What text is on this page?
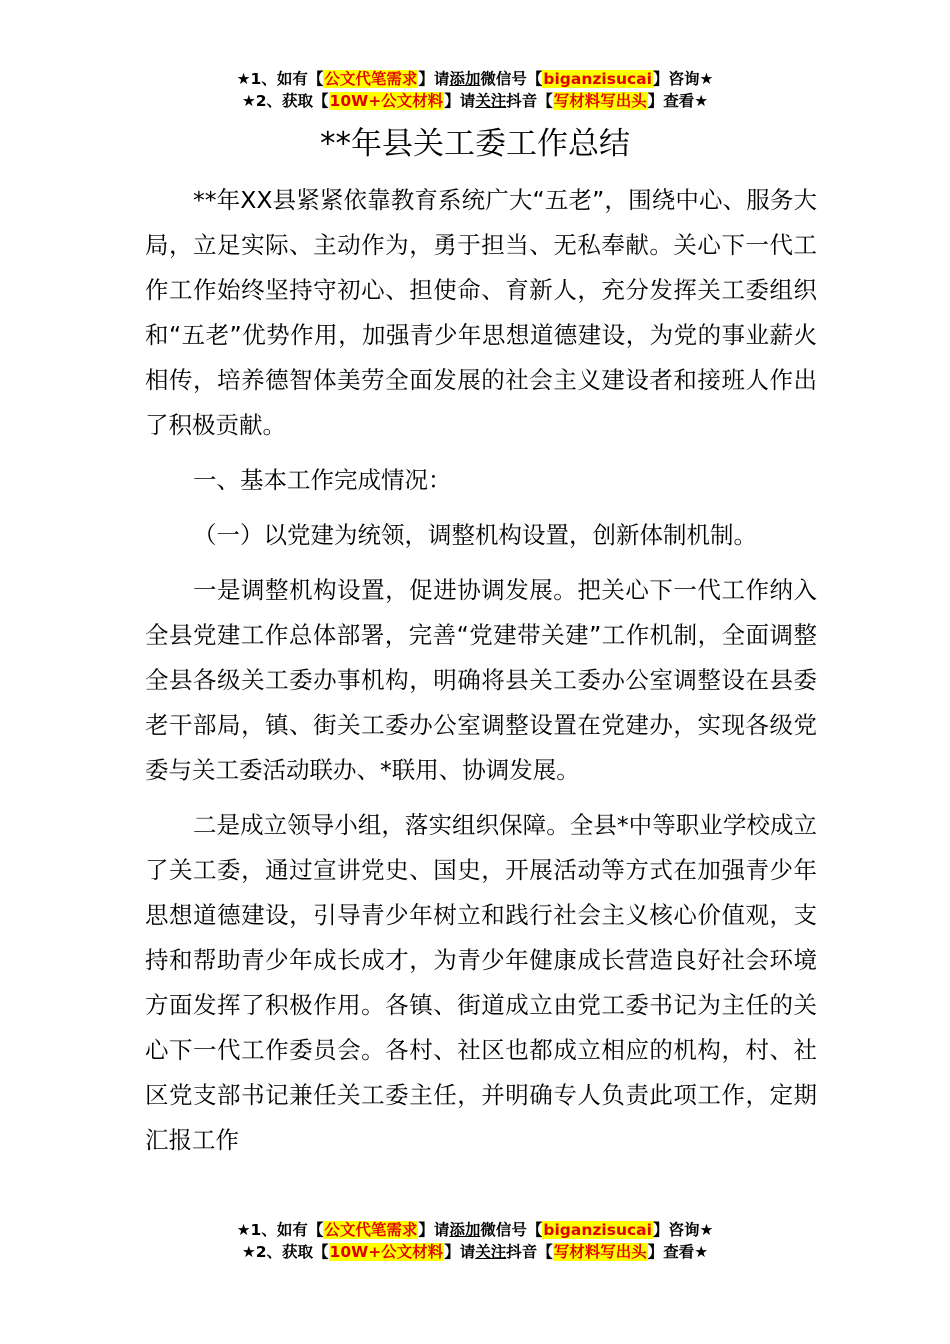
★1、如有【公文代笔需求】请添加微信号【biganzisucai】咨询★
★2、获取【10W+公文材料】请关注抖音【写材料写出头】查看★
**年县关工委工作总结

**年XX县紧紧依靠教育系统广大“五老”，围绕中心、服务大局，立足实际、主动作为，勇于担当、无私奉献。关心下一代工作工作始终坚持守初心、担使命、育新人，充分发挥关工委组织和“五老”优势作用，加强青少年思想道德建设，为党的事业薪火相传，培养德智体美劳全面发展的社会主义建设者和接班人作出了积极贡献。

一、基本工作完成情况：

（一）以党建为统领，调整机构设置，创新体制机制。

一是调整机构设置，促进协调发展。把关心下一代工作纳入全县党建工作总体部署，完善“党建带关建”工作机制，全面调整全县各级关工委办事机构，明确将县关工委办公室调整设在县委老干部局，镇、街关工委办公室调整设置在党建办，实现各级党委与关工委活动联办、*联用、协调发展。

二是成立领导小组，落实组织保障。全县*中等职业学校成立了关工委，通过宣讲党史、国史，开展活动等方式在加强青少年思想道德建设，引导青少年树立和践行社会主义核心价值观，支持和帮助青少年成长成才，为青少年健康成长营造良好社会环境方面发挥了积极作用。各镇、街道成立由党工委书记为主任的关心下一代工作委员会。各村、社区也都成立相应的机构，村、社区党支部书记兼任关工委主任，并明确专人负责此项工作，定期汇报工作

★1、如有【公文代笔需求】请添加微信号【biganzisucai】咨询★
★2、获取【10W+公文材料】请关注抖音【写材料写出头】查看★
